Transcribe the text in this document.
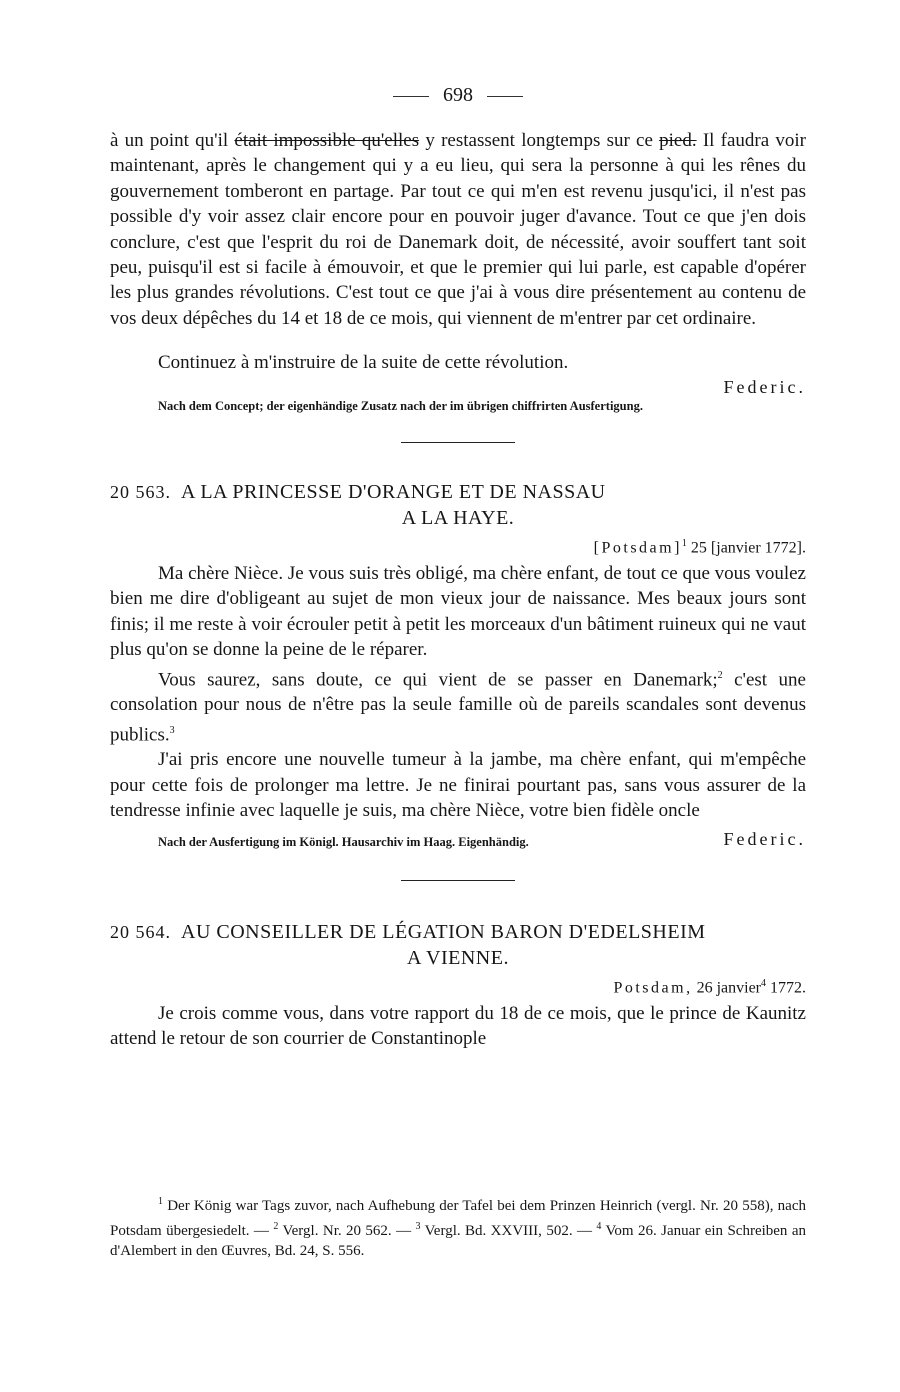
698

à un point qu'il était impossible qu'elles y restassent longtemps sur ce pied. Il faudra voir maintenant, après le changement qui y a eu lieu, qui sera la personne à qui les rênes du gouvernement tomberont en partage. Par tout ce qui m'en est revenu jusqu'ici, il n'est pas possible d'y voir assez clair encore pour en pouvoir juger d'avance. Tout ce que j'en dois conclure, c'est que l'esprit du roi de Danemark doit, de nécessité, avoir souffert tant soit peu, puisqu'il est si facile à émouvoir, et que le premier qui lui parle, est capable d'opérer les plus grandes révolutions. C'est tout ce que j'ai à vous dire présentement au contenu de vos deux dépêches du 14 et 18 de ce mois, qui viennent de m'entrer par cet ordinaire.

Continuez à m'instruire de la suite de cette révolution.

Federic.

Nach dem Concept; der eigenhändige Zusatz nach der im übrigen chiffrirten Ausfertigung.

20 563. A LA PRINCESSE D'ORANGE ET DE NASSAU
A LA HAYE.

[Potsdam]$^1$ 25 [janvier 1772].

Ma chère Nièce. Je vous suis très obligé, ma chère enfant, de tout ce que vous voulez bien me dire d'obligeant au sujet de mon vieux jour de naissance. Mes beaux jours sont finis; il me reste à voir écrouler petit à petit les morceaux d'un bâtiment ruineux qui ne vaut plus qu'on se donne la peine de le réparer.

Vous saurez, sans doute, ce qui vient de se passer en Danemark;$^2$ c'est une consolation pour nous de n'être pas la seule famille où de pareils scandales sont devenus publics.$^3$

J'ai pris encore une nouvelle tumeur à la jambe, ma chère enfant, qui m'empêche pour cette fois de prolonger ma lettre. Je ne finirai pourtant pas, sans vous assurer de la tendresse infinie avec laquelle je suis, ma chère Nièce, votre bien fidèle oncle

Nach der Ausfertigung im Königl. Hausarchiv im Haag. Eigenhändig.	Federic.

20 564. AU CONSEILLER DE LÉGATION BARON D'EDELSHEIM
A VIENNE.

Potsdam, 26 janvier$^4$ 1772.

Je crois comme vous, dans votre rapport du 18 de ce mois, que le prince de Kaunitz attend le retour de son courrier de Constantinople

$^1$ Der König war Tags zuvor, nach Aufhebung der Tafel bei dem Prinzen Heinrich (vergl. Nr. 20 558), nach Potsdam übergesiedelt. — $^2$ Vergl. Nr. 20 562. — $^3$ Vergl. Bd. XXVIII, 502. — $^4$ Vom 26. Januar ein Schreiben an d'Alembert in den Œuvres, Bd. 24, S. 556.
